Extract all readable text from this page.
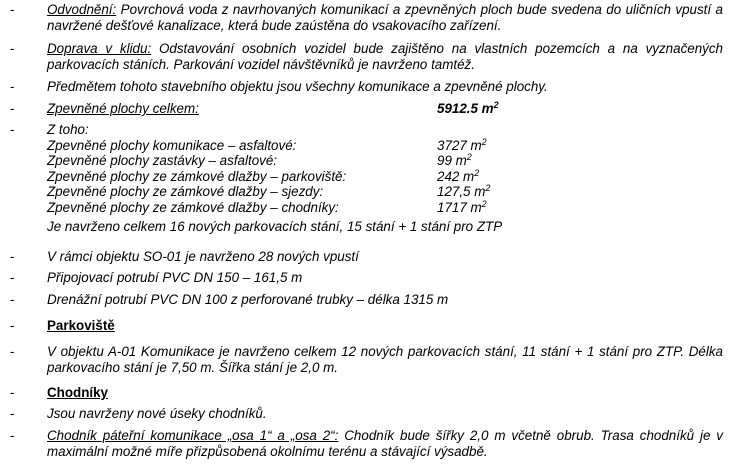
- Odvodnění: Povrchová voda z navrhovaných komunikací a zpevněných ploch bude svedena do uličních vpustí a navržené dešťové kanalizace, která bude zaústěna do vsakovacího zařízení.
- Doprava v klidu: Odstavování osobních vozidel bude zajištěno na vlastních pozemcích a na vyznačených parkovacích stáních. Parkování vozidel návštěvníků je navrženo tamtéž.
- Předmětem tohoto stavebního objektu jsou všechny komunikace a zpevněné plochy.
- Zpevněné plochy celkem:	5912.5 $m^2$
- Z toho:
Zpevněné plochy komunikace – asfaltové:	3727 $m^2$
Zpevněné plochy zastávky – asfaltové:	99 $m^2$
Zpevněné plochy ze zámkové dlažby – parkoviště:	242 $m^2$
Zpevněné plochy ze zámkové dlažby – sjezdy:	127,5 $m^2$
Zpevněné plochy ze zámkové dlažby – chodníky:	1717 $m^2$
Je navrženo celkem 16 nových parkovacích stání, 15 stání + 1 stání pro ZTP
- V rámci objektu SO-01 je navrženo 28 nových vpustí
- Připojovací potrubí PVC DN 150 – 161,5 m
- Drenážní potrubí PVC DN 100 z perforované trubky – délka 1315 m
- Parkoviště
- V objektu A-01 Komunikace je navrženo celkem 12 nových parkovacích stání, 11 stání + 1 stání pro ZTP. Délka parkovacího stání je 7,50 m. Šířka stání je 2,0 m.
- Chodníky
- Jsou navrženy nové úseky chodníků.
- Chodník páteřní komunikace „osa 1“ a „osa 2“: Chodník bude šířky 2,0 m včetně obrub. Trasa chodníků je v maximální možné míře přizpůsobená okolnímu terénu a stávající výsadbě.
